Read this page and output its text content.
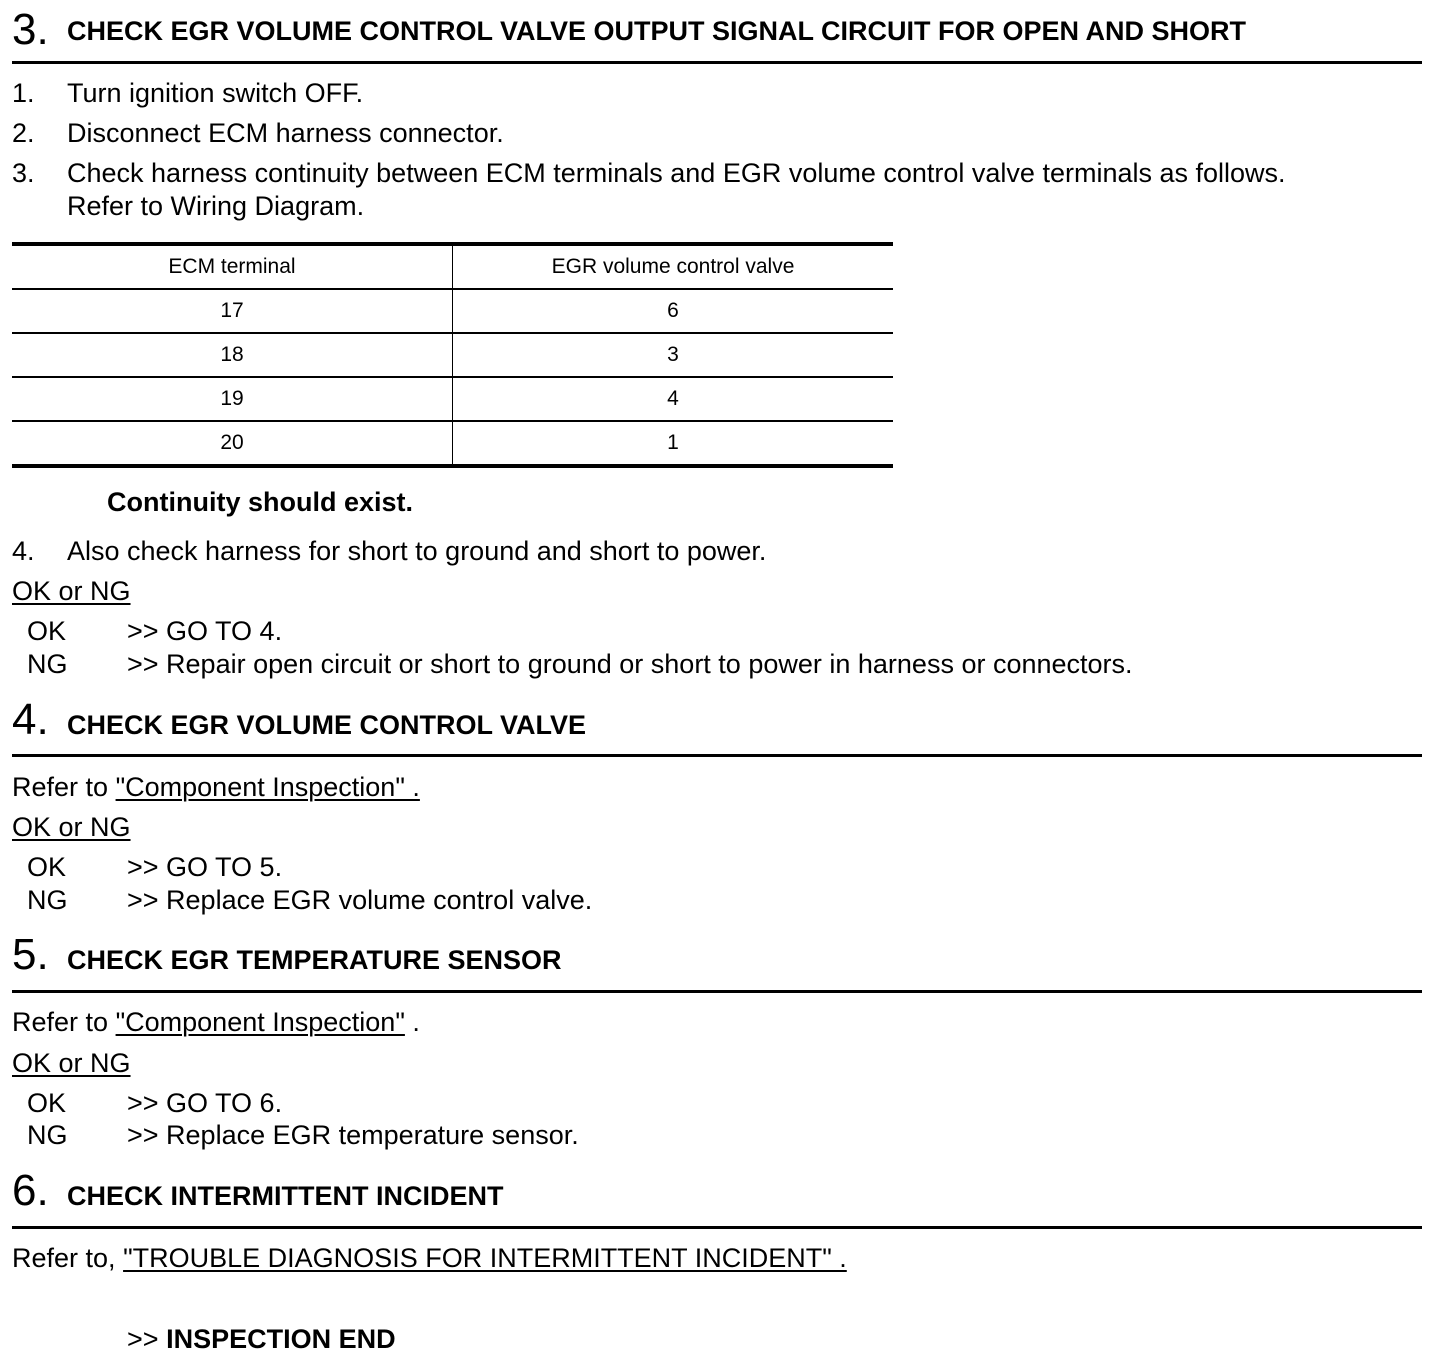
3. CHECK EGR VOLUME CONTROL VALVE OUTPUT SIGNAL CIRCUIT FOR OPEN AND SHORT
1. Turn ignition switch OFF.
2. Disconnect ECM harness connector.
3. Check harness continuity between ECM terminals and EGR volume control valve terminals as follows.
Refer to Wiring Diagram.
ECM terminal	EGR volume control valve
17	6
18	3
19	4
20	1
Continuity should exist.
4. Also check harness for short to ground and short to power.
OK or NG
OK >> GO TO 4.
NG >> Repair open circuit or short to ground or short to power in harness or connectors.
4. CHECK EGR VOLUME CONTROL VALVE
Refer to "Component Inspection" .
OK or NG
OK >> GO TO 5.
NG >> Replace EGR volume control valve.
5. CHECK EGR TEMPERATURE SENSOR
Refer to "Component Inspection" .
OK or NG
OK >> GO TO 6.
NG >> Replace EGR temperature sensor.
6. CHECK INTERMITTENT INCIDENT
Refer to, "TROUBLE DIAGNOSIS FOR INTERMITTENT INCIDENT" .
>> INSPECTION END
